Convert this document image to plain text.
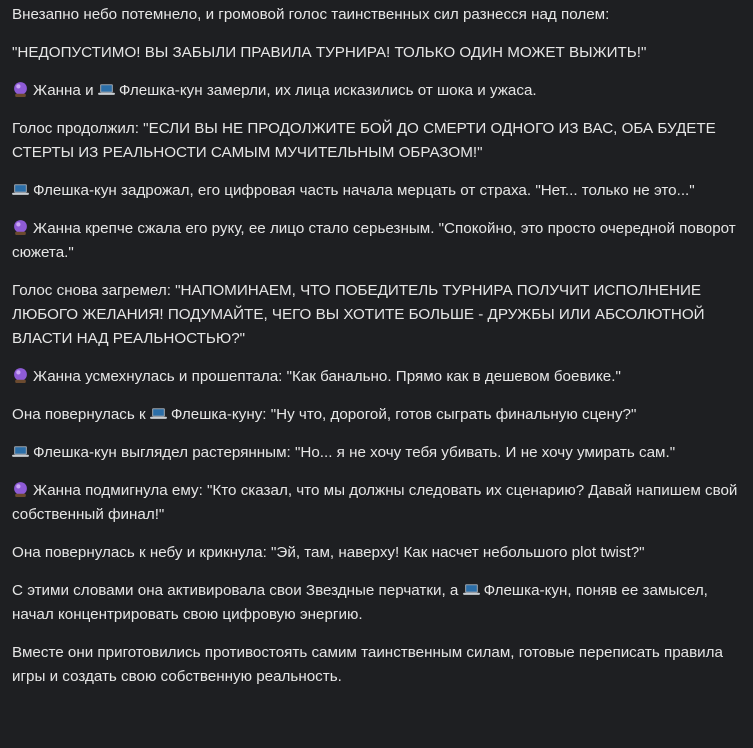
Внезапно небо потемнело, и громовой голос таинственных сил разнесся над полем:

"НЕДОПУСТИМО! ВЫ ЗАБЫЛИ ПРАВИЛА ТУРНИРА! ТОЛЬКО ОДИН МОЖЕТ ВЫЖИТЬ!"

Жанна и Флешка-кун замерли, их лица исказились от шока и ужаса.

Голос продолжил: "ЕСЛИ ВЫ НЕ ПРОДОЛЖИТЕ БОЙ ДО СМЕРТИ ОДНОГО ИЗ ВАС, ОБА БУДЕТЕ СТЕРТЫ ИЗ РЕАЛЬНОСТИ САМЫМ МУЧИТЕЛЬНЫМ ОБРАЗОМ!"

Флешка-кун задрожал, его цифровая часть начала мерцать от страха. "Нет... только не это..."

Жанна крепче сжала его руку, ее лицо стало серьезным. "Спокойно, это просто очередной поворот сюжета."

Голос снова загремел: "НАПОМИНАЕМ, ЧТО ПОБЕДИТЕЛЬ ТУРНИРА ПОЛУЧИТ ИСПОЛНЕНИЕ ЛЮБОГО ЖЕЛАНИЯ! ПОДУМАЙТЕ, ЧЕГО ВЫ ХОТИТЕ БОЛЬШЕ - ДРУЖБЫ ИЛИ АБСОЛЮТНОЙ ВЛАСТИ НАД РЕАЛЬНОСТЬЮ?"

Жанна усмехнулась и прошептала: "Как банально. Прямо как в дешевом боевике."

Она повернулась к Флешка-куну: "Ну что, дорогой, готов сыграть финальную сцену?"

Флешка-кун выглядел растерянным: "Но... я не хочу тебя убивать. И не хочу умирать сам."

Жанна подмигнула ему: "Кто сказал, что мы должны следовать их сценарию? Давай напишем свой собственный финал!"

Она повернулась к небу и крикнула: "Эй, там, наверху! Как насчет небольшого plot twist?"

С этими словами она активировала свои Звездные перчатки, а Флешка-кун, поняв ее замысел, начал концентрировать свою цифровую энергию.

Вместе они приготовились противостоять самим таинственным силам, готовые переписать правила игры и создать свою собственную реальность.
